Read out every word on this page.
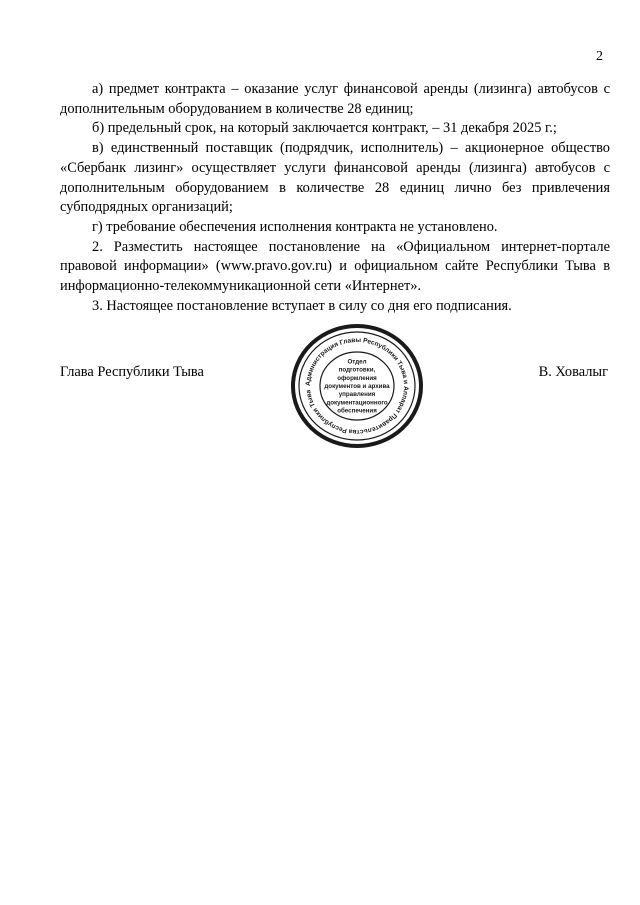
2

а) предмет контракта – оказание услуг финансовой аренды (лизинга) автобусов с дополнительным оборудованием в количестве 28 единиц;

б) предельный срок, на который заключается контракт, – 31 декабря 2025 г.;

в) единственный поставщик (подрядчик, исполнитель) – акционерное общество «Сбербанк лизинг» осуществляет услуги финансовой аренды (лизинга) автобусов с дополнительным оборудованием в количестве 28 единиц лично без привлечения субподрядных организаций;

г) требование обеспечения исполнения контракта не установлено.

2. Разместить настоящее постановление на «Официальном интернет-портале правовой информации» (www.pravo.gov.ru) и официальном сайте Республики Тыва в информационно-телекоммуникационной сети «Интернет».

3. Настоящее постановление вступает в силу со дня его подписания.

Глава Республики Тыва
Администрация Главы Республики Тыва и Аппарат Правительства Республики Тыва
Отдел
подготовки,
оформления
документов и архива
управления
документационного
обеспечения
В. Ховалыг
